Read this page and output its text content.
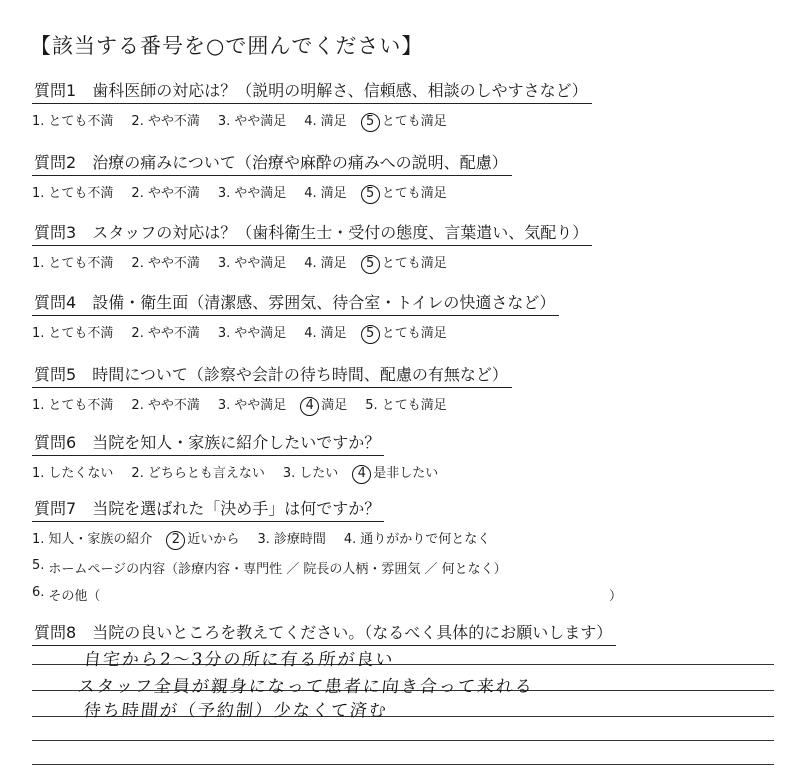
【該当する番号を○で囲んでください】
質問1　 歯科医師の対応は？（説明の明解さ、信頼感、相談のしやすさなど）
1. とても不満 2. やや不満 3. やや満足 4. 満足 5 とても満足
質問2　 治療の痛みについて（治療や麻酔の痛みへの説明、配慮）
1. とても不満 2. やや不満 3. やや満足 4. 満足 5 とても満足
質問3　 スタッフの対応は？（歯科衛生士・受付の態度、言葉遣い、気配り）
1. とても不満 2. やや不満 3. やや満足 4. 満足 5 とても満足
質問4　 設備・衛生面（清潔感、雰囲気、待合室・トイレの快適さなど）
1. とても不満 2. やや不満 3. やや満足 4. 満足 5 とても満足
質問5　 時間について（診察や会計の待ち時間、配慮の有無など）
1. とても不満 2. やや不満 3. やや満足 4 満足 5. とても満足
質問6　 当院を知人・家族に紹介したいですか？
1. したくない 2. どちらとも言えない 3. したい 4 是非したい
質問7　 当院を選ばれた「決め手」は何ですか？
1. 知人・家族の紹介 2 近いから 3. 診療時間 4. 通りがかりで何となく
5. ホームページの内容（診療内容・専門性 ／ 院長の人柄・雰囲気 ／ 何となく）
6. その他（	）
質問8　 当院の良いところを教えてください。（なるべく具体的にお願いします）
自宅から2〜3分の所に有る所が良い
スタッフ全員が親身になって患者に向き合って来れる
待ち時間が（予約制）少なくて済む
